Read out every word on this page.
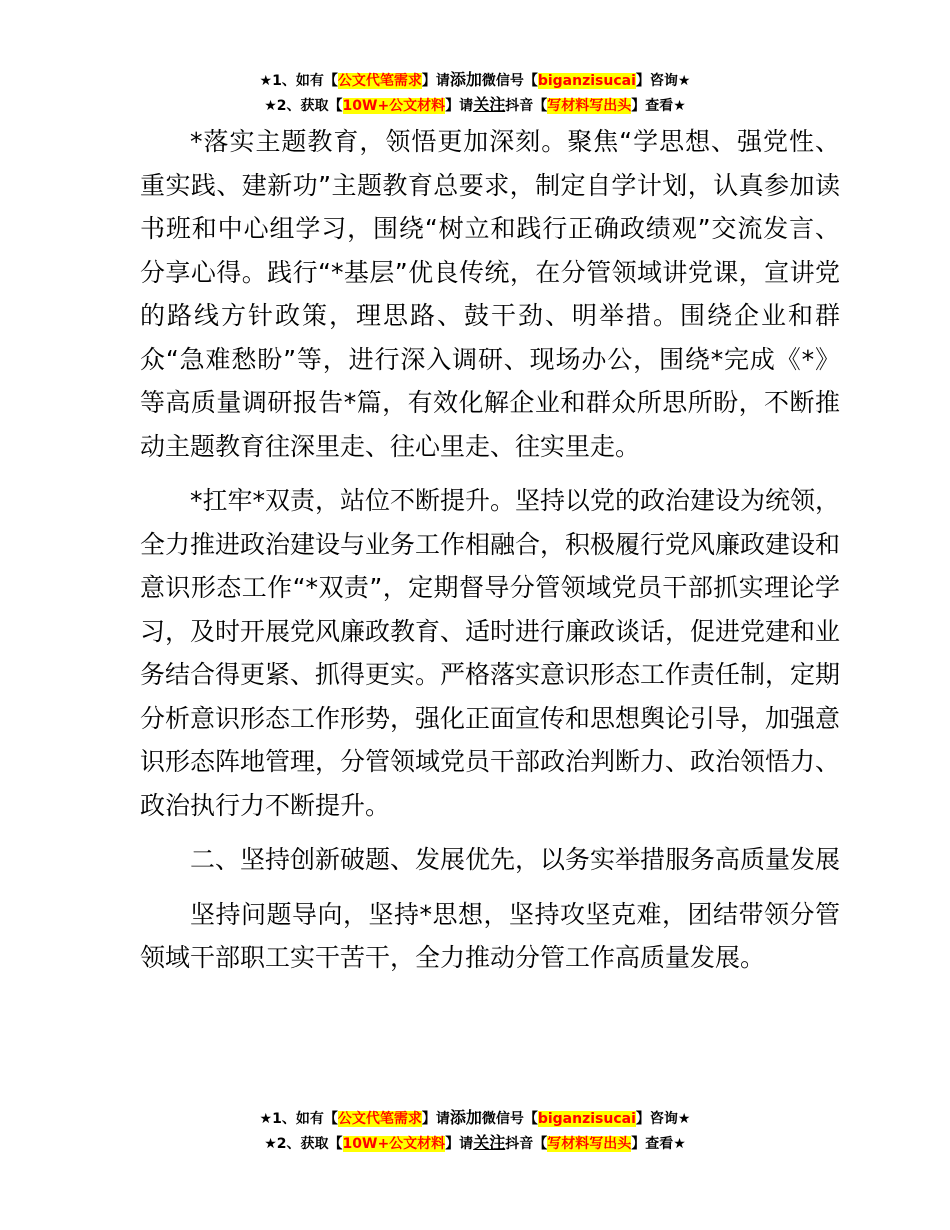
★1、如有【公文代笔需求】请添加微信号【biganzisucai】咨询★
★2、获取【10W+公文材料】请关注抖音【写材料写出头】查看★

*落实主题教育，领悟更加深刻。聚焦“学思想、强党性、重实践、建新功”主题教育总要求，制定自学计划，认真参加读书班和中心组学习，围绕“树立和践行正确政绩观”交流发言、分享心得。践行“*基层”优良传统，在分管领域讲党课，宣讲党的路线方针政策，理思路、鼓干劲、明举措。围绕企业和群众“急难愁盼”等，进行深入调研、现场办公，围绕*完成《*》等高质量调研报告*篇，有效化解企业和群众所思所盼，不断推动主题教育往深里走、往心里走、往实里走。

*扛牢*双责，站位不断提升。坚持以党的政治建设为统领，全力推进政治建设与业务工作相融合，积极履行党风廉政建设和意识形态工作“*双责”，定期督导分管领域党员干部抓实理论学习，及时开展党风廉政教育、适时进行廉政谈话，促进党建和业务结合得更紧、抓得更实。严格落实意识形态工作责任制，定期分析意识形态工作形势，强化正面宣传和思想舆论引导，加强意识形态阵地管理，分管领域党员干部政治判断力、政治领悟力、政治执行力不断提升。

二、坚持创新破题、发展优先，以务实举措服务高质量发展

坚持问题导向，坚持*思想，坚持攻坚克难，团结带领分管领域干部职工实干苦干，全力推动分管工作高质量发展。

★1、如有【公文代笔需求】请添加微信号【biganzisucai】咨询★
★2、获取【10W+公文材料】请关注抖音【写材料写出头】查看★
